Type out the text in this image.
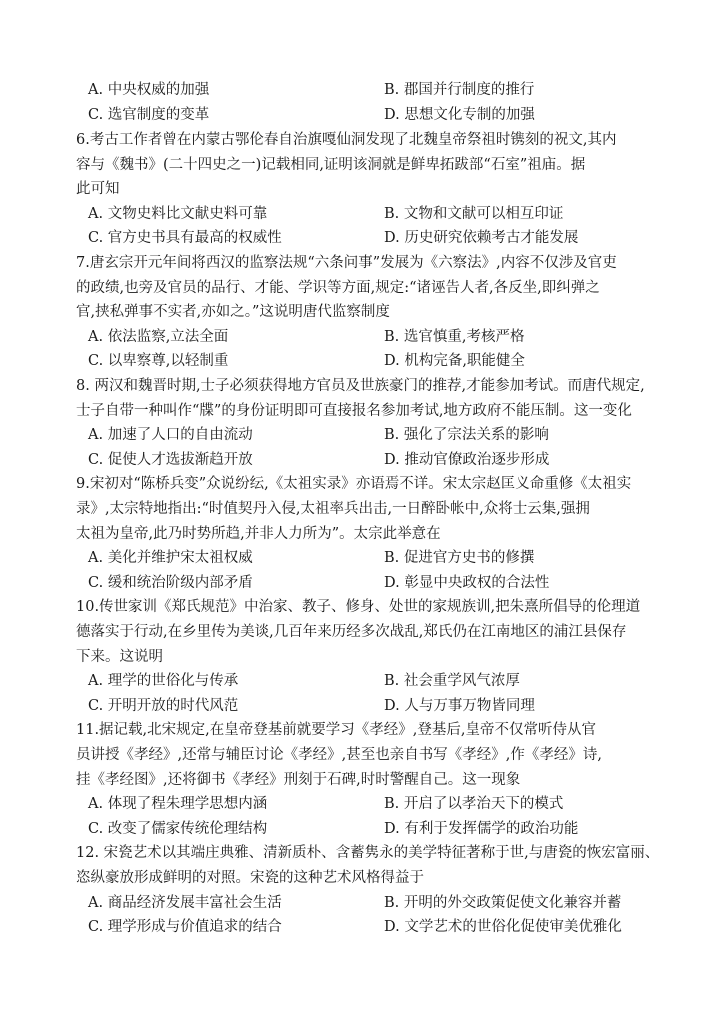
A. 中央权威的加强	B. 郡国并行制度的推行
C. 选官制度的变革	D. 思想文化专制的加强
6.考古工作者曾在内蒙古鄂伦春自治旗嘎仙洞发现了北魏皇帝祭祖时镌刻的祝文,其内
容与《魏书》(二十四史之一)记载相同,证明该洞就是鲜卑拓跋部“石室”祖庙。据
此可知
A. 文物史料比文献史料可靠	B. 文物和文献可以相互印证
C. 官方史书具有最高的权威性	D. 历史研究依赖考古才能发展
7.唐玄宗开元年间将西汉的监察法规“六条问事”发展为《六察法》,内容不仅涉及官吏
的政绩,也旁及官员的品行、才能、学识等方面,规定:“诸诬告人者,各反坐,即纠弹之
官,挟私弹事不实者,亦如之。”这说明唐代监察制度
A. 依法监察,立法全面	B. 选官慎重,考核严格
C. 以卑察尊,以轻制重	D. 机构完备,职能健全
8. 两汉和魏晋时期,士子必须获得地方官员及世族豪门的推荐,才能参加考试。而唐代规定,
士子自带一种叫作“牒”的身份证明即可直接报名参加考试,地方政府不能压制。这一变化
A. 加速了人口的自由流动	B. 强化了宗法关系的影响
C. 促使人才选拔渐趋开放	D. 推动官僚政治逐步形成
9.宋初对“陈桥兵变”众说纷纭,《太祖实录》亦语焉不详。宋太宗赵匡义命重修《太祖实
录》,太宗特地指出:“时值契丹入侵,太祖率兵出击,一日醉卧帐中,众将士云集,强拥
太祖为皇帝,此乃时势所趋,并非人力所为”。太宗此举意在
A. 美化并维护宋太祖权威	B. 促进官方史书的修撰
C. 缓和统治阶级内部矛盾	D. 彰显中央政权的合法性
10.传世家训《郑氏规范》中治家、教子、修身、处世的家规族训,把朱熹所倡导的伦理道
德落实于行动,在乡里传为美谈,几百年来历经多次战乱,郑氏仍在江南地区的浦江县保存
下来。这说明
A. 理学的世俗化与传承	B. 社会重学风气浓厚
C. 开明开放的时代风范	D. 人与万事万物皆同理
11.据记载,北宋规定,在皇帝登基前就要学习《孝经》,登基后,皇帝不仅常听侍从官
员讲授《孝经》,还常与辅臣讨论《孝经》,甚至也亲自书写《孝经》,作《孝经》诗,
挂《孝经图》,还将御书《孝经》刑刻于石碑,时时警醒自己。这一现象
A. 体现了程朱理学思想内涵	B. 开启了以孝治天下的模式
C. 改变了儒家传统伦理结构	D. 有利于发挥儒学的政治功能
12. 宋瓷艺术以其端庄典雅、清新质朴、含蓄隽永的美学特征著称于世,与唐瓷的恢宏富丽、
恣纵豪放形成鲜明的对照。宋瓷的这种艺术风格得益于
A. 商品经济发展丰富社会生活	B. 开明的外交政策促使文化兼容并蓄
C. 理学形成与价值追求的结合	D. 文学艺术的世俗化促使审美优雅化
